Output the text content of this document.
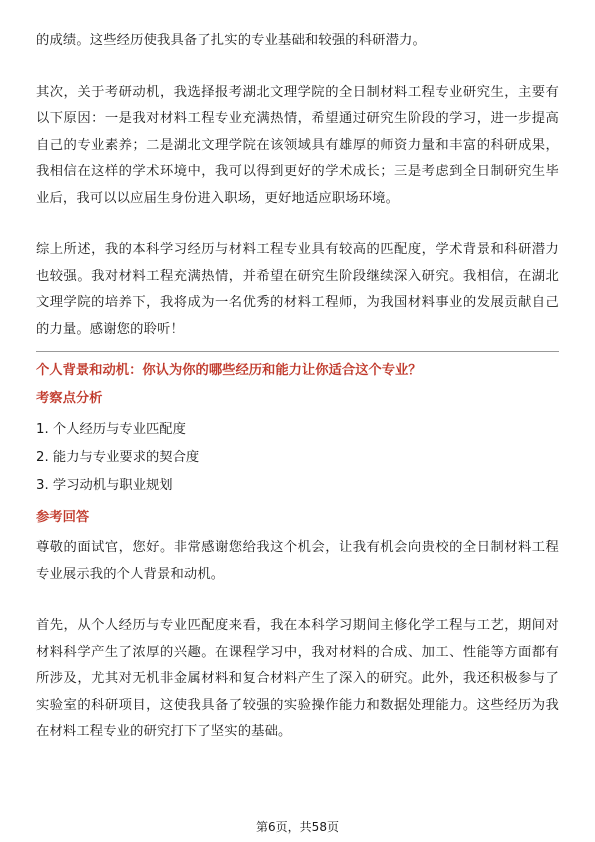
的成绩。这些经历使我具备了扎实的专业基础和较强的科研潜力。

其次，关于考研动机，我选择报考湖北文理学院的全日制材料工程专业研究生，主要有以下原因：一是我对材料工程专业充满热情，希望通过研究生阶段的学习，进一步提高自己的专业素养；二是湖北文理学院在该领域具有雄厚的师资力量和丰富的科研成果，我相信在这样的学术环境中，我可以得到更好的学术成长；三是考虑到全日制研究生毕业后，我可以以应届生身份进入职场，更好地适应职场环境。

综上所述，我的本科学习经历与材料工程专业具有较高的匹配度，学术背景和科研潜力也较强。我对材料工程充满热情，并希望在研究生阶段继续深入研究。我相信，在湖北文理学院的培养下，我将成为一名优秀的材料工程师，为我国材料事业的发展贡献自己的力量。感谢您的聆听！

个人背景和动机：你认为你的哪些经历和能力让你适合这个专业？
考察点分析
1. 个人经历与专业匹配度
2. 能力与专业要求的契合度
3. 学习动机与职业规划
参考回答

尊敬的面试官，您好。非常感谢您给我这个机会，让我有机会向贵校的全日制材料工程专业展示我的个人背景和动机。

首先，从个人经历与专业匹配度来看，我在本科学习期间主修化学工程与工艺，期间对材料科学产生了浓厚的兴趣。在课程学习中，我对材料的合成、加工、性能等方面都有所涉及，尤其对无机非金属材料和复合材料产生了深入的研究。此外，我还积极参与了实验室的科研项目，这使我具备了较强的实验操作能力和数据处理能力。这些经历为我在材料工程专业的研究打下了坚实的基础。

第6页，共58页
